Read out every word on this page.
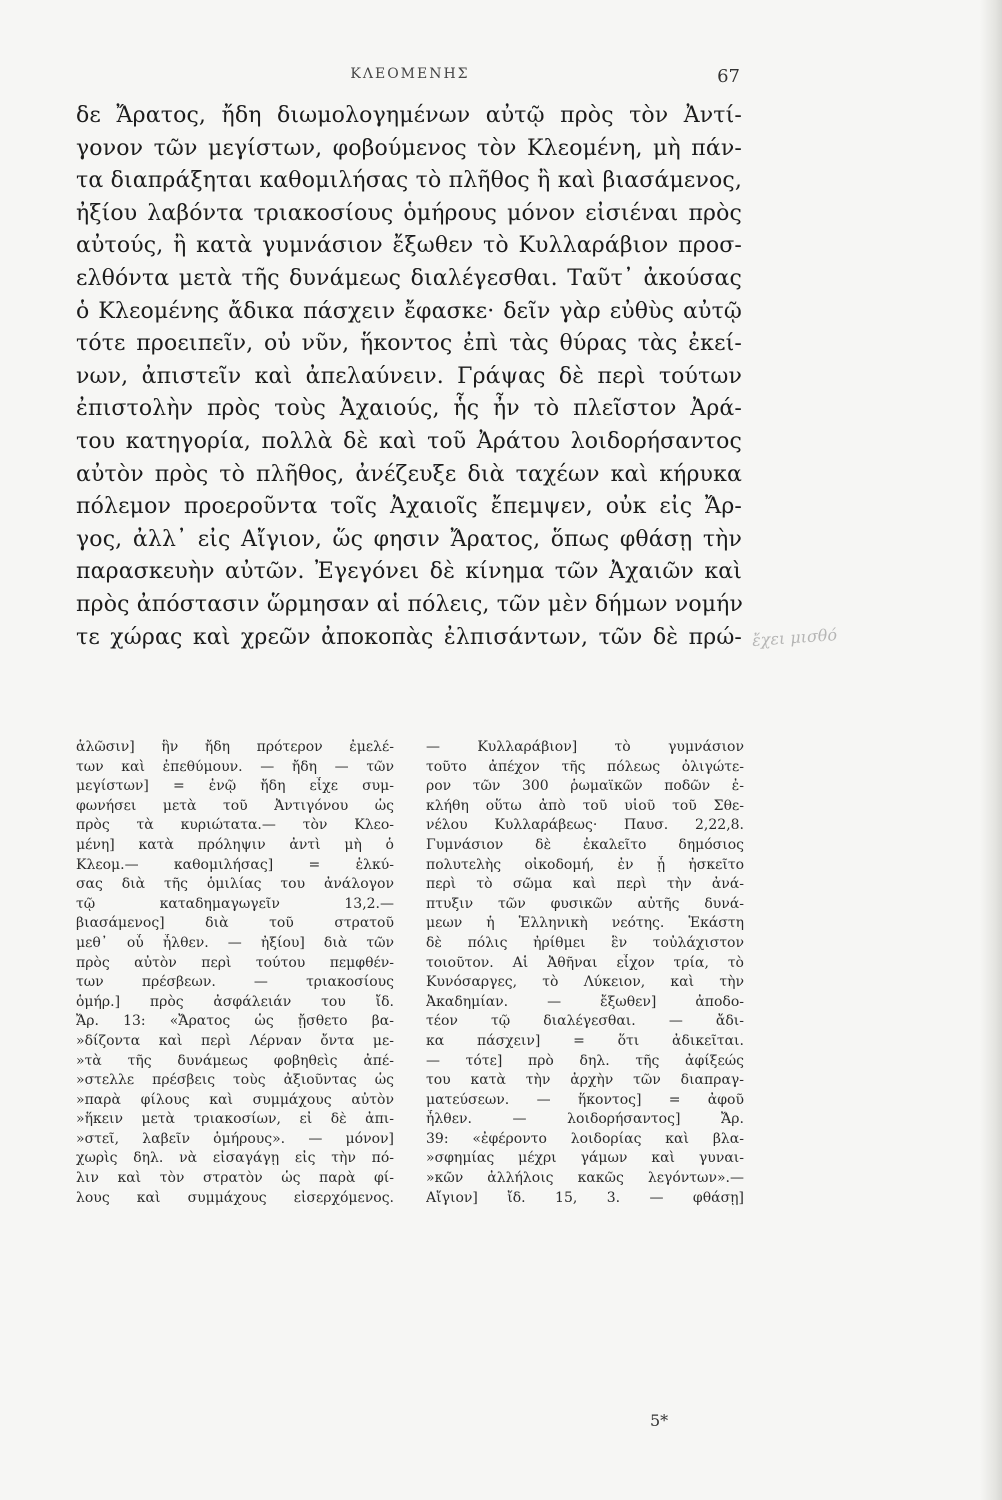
ΚΛΕΟΜΕΝΗΣ	67
δε Ἄρατος, ἤδη διωμολογημένων αὐτῷ πρὸς τὸν Ἀντί-
γονον τῶν μεγίστων, φοβούμενος τὸν Κλεομένη, μὴ πάν-
τα διαπράξηται καθομιλήσας τὸ πλῆθος ἢ καὶ βιασάμενος,
ἠξίου λαβόντα τριακοσίους ὁμήρους μόνον εἰσιέναι πρὸς
αὐτούς, ἢ κατὰ γυμνάσιον ἔξωθεν τὸ Κυλλαράβιον προσ-
ελθόντα μετὰ τῆς δυνάμεως διαλέγεσθαι. Ταῦτ᾽ ἀκούσας
ὁ Κλεομένης ἄδικα πάσχειν ἔφασκε· δεῖν γὰρ εὐθὺς αὐτῷ
τότε προειπεῖν, οὐ νῦν, ἥκοντος ἐπὶ τὰς θύρας τὰς ἐκεί-
νων, ἀπιστεῖν καὶ ἀπελαύνειν. Γράψας δὲ περὶ τούτων
ἐπιστολὴν πρὸς τοὺς Ἀχαιούς, ἧς ἦν τὸ πλεῖστον Ἀρά-
του κατηγορία, πολλὰ δὲ καὶ τοῦ Ἀράτου λοιδορήσαντος
αὐτὸν πρὸς τὸ πλῆθος, ἀνέζευξε διὰ ταχέων καὶ κήρυκα
πόλεμον προεροῦντα τοῖς Ἀχαιοῖς ἔπεμψεν, οὐκ εἰς Ἄρ-
γος, ἀλλ᾽ εἰς Αἴγιον, ὥς φησιν Ἄρατος, ὅπως φθάσῃ τὴν
παρασκευὴν αὐτῶν. Ἐγεγόνει δὲ κίνημα τῶν Ἀχαιῶν καὶ
πρὸς ἀπόστασιν ὥρμησαν αἱ πόλεις, τῶν μὲν δήμων νομήν
τε χώρας καὶ χρεῶν ἀποκοπὰς ἐλπισάντων, τῶν δὲ πρώ- ἔχει μισθό
ἁλῶσιν] ἣν ἤδη πρότερον ἐμελέ-
των καὶ ἐπεθύμουν. — ἤδη — τῶν
μεγίστων] = ἐνῷ ἤδη εἶχε συμ-
φωνήσει μετὰ τοῦ Ἀντιγόνου ὡς
πρὸς τὰ κυριώτατα.— τὸν Κλεο-
μένη] κατὰ πρόληψιν ἀντὶ μὴ ὁ
Κλεομ.— καθομιλήσας] = ἑλκύ-
σας διὰ τῆς ὁμιλίας του ἀνάλογον
τῷ καταδημαγωγεῖν 13,2.—
βιασάμενος] διὰ τοῦ στρατοῦ
μεθ᾽ οὗ ἦλθεν. — ἠξίου] διὰ τῶν
πρὸς αὐτὸν περὶ τούτου πεμφθέν-
των πρέσβεων. — τριακοσίους
ὁμήρ.] πρὸς ἀσφάλειάν του ἴδ.
Ἄρ. 13: «Ἄρατος ὡς ᾔσθετο βα-
»δίζοντα καὶ περὶ Λέρναν ὄντα με-
»τὰ τῆς δυνάμεως φοβηθεὶς ἀπέ-
»στελλε πρέσβεις τοὺς ἀξιοῦντας ὡς
»παρὰ φίλους καὶ συμμάχους αὐτὸν
»ἥκειν μετὰ τριακοσίων, εἰ δὲ ἀπι-
»στεῖ, λαβεῖν ὁμήρους». — μόνον]
χωρὶς δηλ. νὰ εἰσαγάγῃ εἰς τὴν πό-
λιν καὶ τὸν στρατὸν ὡς παρὰ φί-
λους καὶ συμμάχους εἰσερχόμενος.
— Κυλλαράβιον] τὸ γυμνάσιον
τοῦτο ἀπέχον τῆς πόλεως ὀλιγώτε-
ρον τῶν 300 ῥωμαϊκῶν ποδῶν ἐ-
κλήθη οὕτω ἀπὸ τοῦ υἱοῦ τοῦ Σθε-
νέλου Κυλλαράβεως· Παυσ. 2,22,8.
Γυμνάσιον δὲ ἐκαλεῖτο δημόσιος
πολυτελὴς οἰκοδομή, ἐν ᾗ ἠσκεῖτο
περὶ τὸ σῶμα καὶ περὶ τὴν ἀνά-
πτυξιν τῶν φυσικῶν αὐτῆς δυνά-
μεων ἡ Ἑλληνικὴ νεότης. Ἑκάστη
δὲ πόλις ἠρίθμει ἓν τοὐλάχιστον
τοιοῦτον. Αἱ Ἀθῆναι εἶχον τρία, τὸ
Κυνόσαργες, τὸ Λύκειον, καὶ τὴν
Ἀκαδημίαν. — ἔξωθεν] ἀποδο-
τέον τῷ διαλέγεσθαι. — ἄδι-
κα πάσχειν] = ὅτι ἀδικεῖται.
— τότε] πρὸ δηλ. τῆς ἀφίξεώς
του κατὰ τὴν ἀρχὴν τῶν διαπραγ-
ματεύσεων. — ἥκοντος] = ἀφοῦ
ἦλθεν. — λοιδορήσαντος] Ἄρ.
39: «ἐφέροντο λοιδορίας καὶ βλα-
»σφημίας μέχρι γάμων καὶ γυναι-
»κῶν ἀλλήλοις κακῶς λεγόντων».—
Αἴγιον] ἴδ. 15, 3. — φθάσῃ]
5*
